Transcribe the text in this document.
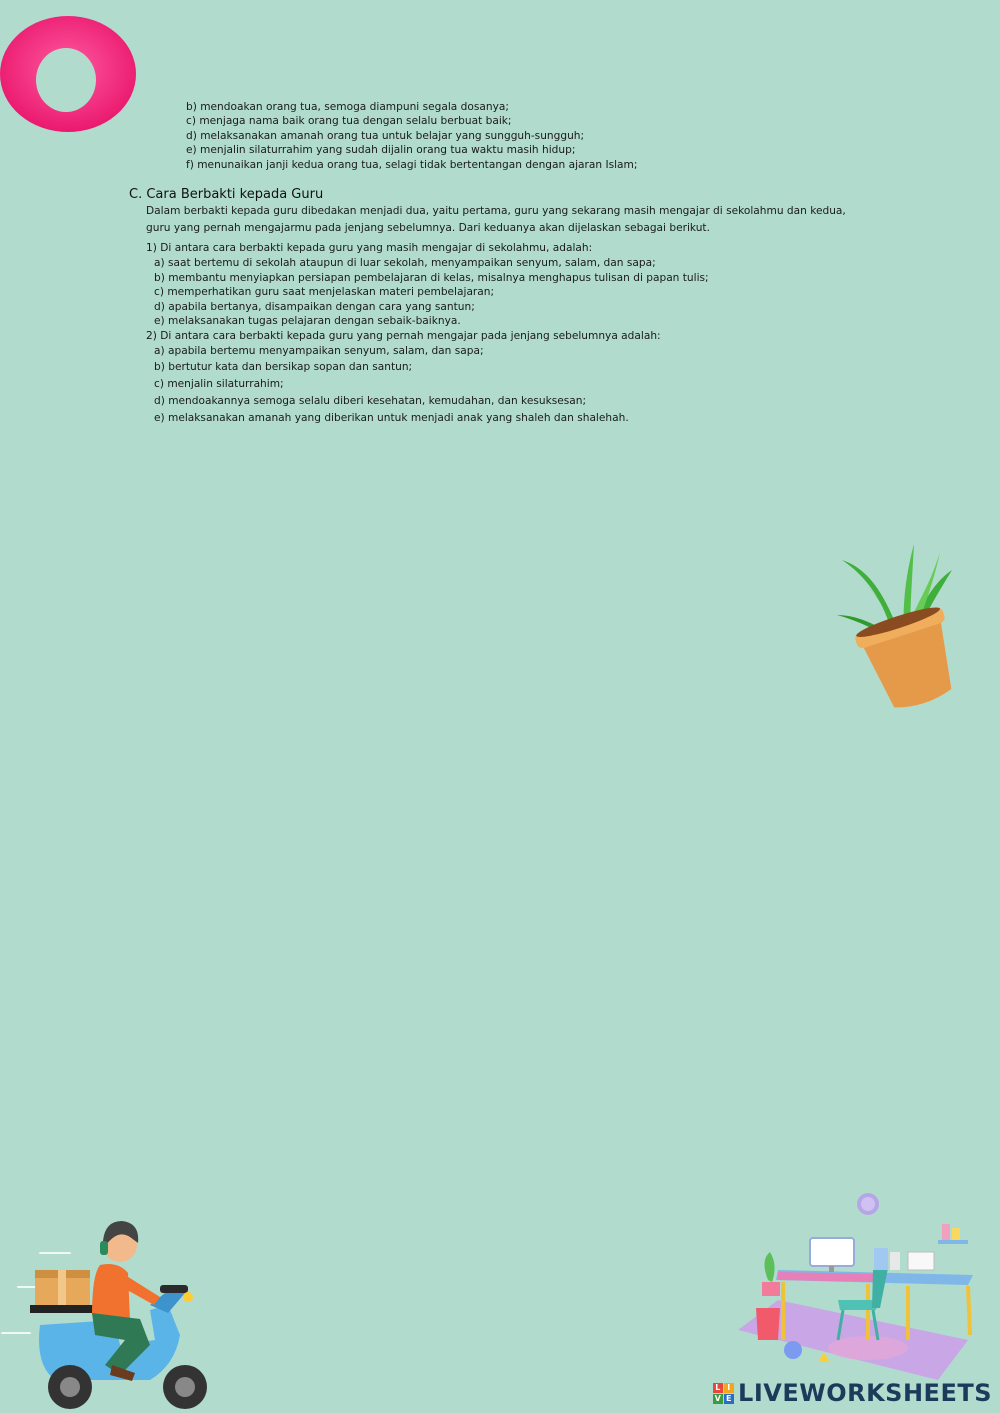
b) mendoakan orang tua, semoga diampuni segala dosanya;
c) menjaga nama baik orang tua dengan selalu berbuat baik;
d) melaksanakan amanah orang tua untuk belajar yang sungguh-sungguh;
e) menjalin silaturrahim yang sudah dijalin orang tua waktu masih hidup;
f) menunaikan janji kedua orang tua, selagi tidak bertentangan dengan ajaran Islam;
C. Cara Berbakti kepada Guru
Dalam berbakti kepada guru dibedakan menjadi dua, yaitu pertama, guru yang sekarang masih mengajar di sekolahmu dan kedua,
guru yang pernah mengajarmu pada jenjang sebelumnya. Dari keduanya akan dijelaskan sebagai berikut.
1) Di antara cara berbakti kepada guru yang masih mengajar di sekolahmu, adalah:
a) saat bertemu di sekolah ataupun di luar sekolah, menyampaikan senyum, salam, dan sapa;
b) membantu menyiapkan persiapan pembelajaran di kelas, misalnya menghapus tulisan di papan tulis;
c) memperhatikan guru saat menjelaskan materi pembelajaran;
d) apabila bertanya, disampaikan dengan cara yang santun;
e) melaksanakan tugas pelajaran dengan sebaik-baiknya.
2) Di antara cara berbakti kepada guru yang pernah mengajar pada jenjang sebelumnya adalah:
a) apabila bertemu menyampaikan senyum, salam, dan sapa;
b) bertutur kata dan bersikap sopan dan santun;
c) menjalin silaturrahim;
d) mendoakannya semoga selalu diberi kesehatan, kemudahan, dan kesuksesan;
e) melaksanakan amanah yang diberikan untuk menjadi anak yang shaleh dan shalehah.
L I
V E LIVEWORKSHEETS
